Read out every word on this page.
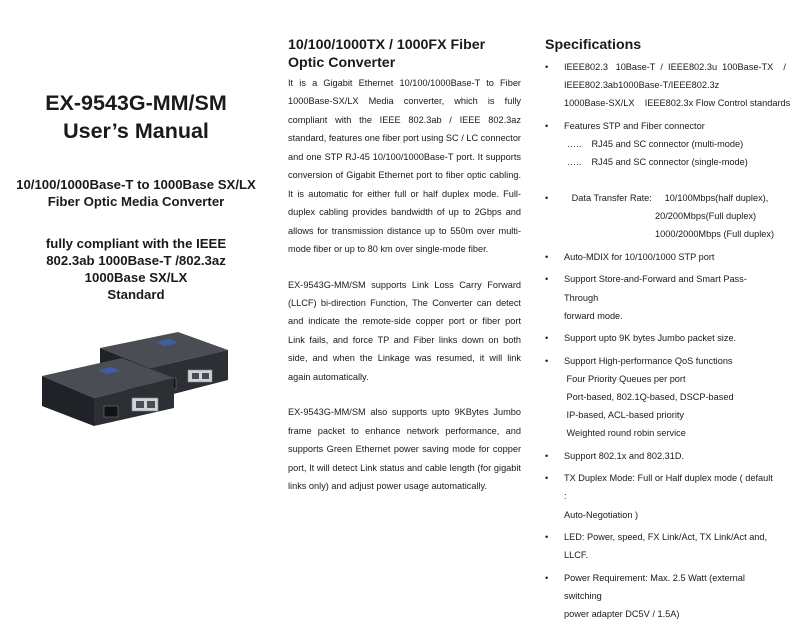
EX-9543G-MM/SM
User’s Manual
10/100/1000Base-T to 1000Base SX/LX
Fiber Optic Media Converter
fully compliant with the IEEE
802.3ab 1000Base-T /802.3az
1000Base SX/LX
Standard
10/100/1000TX / 1000FX Fiber Optic Converter

It is a Gigabit Ethernet 10/100/1000Base-T to Fiber 1000Base-SX/LX Media converter, which is fully compliant with the IEEE 802.3ab / IEEE 802.3az standard, features one fiber port using SC / LC connector and one STP RJ-45 10/100/1000Base-T port. It supports conversion of Gigabit Ethernet port to fiber optic cabling. It is automatic for either full or half duplex mode. Full-duplex cabling provides bandwidth of up to 2Gbps and allows for transmission distance up to 550m over multi-mode fiber or up to 80 km over single-mode fiber.

EX-9543G-MM/SM supports Link Loss Carry Forward (LLCF) bi-direction Function, The Converter can detect and indicate the remote-side copper port or fiber port Link fails, and force TP and Fiber links down on both side, and when the Linkage was resumed, it will link again automatically.

EX-9543G-MM/SM also supports upto 9KBytes Jumbo frame packet to enhance network performance, and supports Green Ethernet power saving mode for copper port, It will detect Link status and cable length (for gigabit links only) and adjust power usage automatically.

Specifications
• IEEE802.3   10Base-T  /  IEEE802.3u  100Base-TX    /
IEEE802.3ab1000Base-T/IEEE802.3z
1000Base-SX/LX    IEEE802.3x Flow Control standards
• Features STP and Fiber connector
…..    RJ45 and SC connector (multi-mode)
…..    RJ45 and SC connector (single-mode)
• Data Transfer Rate:     10/100Mbps(half duplex),
20/200Mbps(Full duplex)
1000/2000Mbps (Full duplex)
• Auto-MDIX for 10/100/1000 STP port
• Support Store-and-Forward and Smart Pass-Through
forward mode.
• Support upto 9K bytes Jumbo packet size.
• Support High-performance QoS functions
Four Priority Queues per port
Port-based, 802.1Q-based, DSCP-based
IP-based, ACL-based priority
Weighted round robin service
• Support 802.1x and 802.31D.
• TX Duplex Mode: Full or Half duplex mode ( default :
Auto-Negotiation )
• LED: Power, speed, FX Link/Act, TX Link/Act and,
LLCF.
• Power Requirement: Max. 2.5 Watt (external switching
power adapter DC5V / 1.5A)
